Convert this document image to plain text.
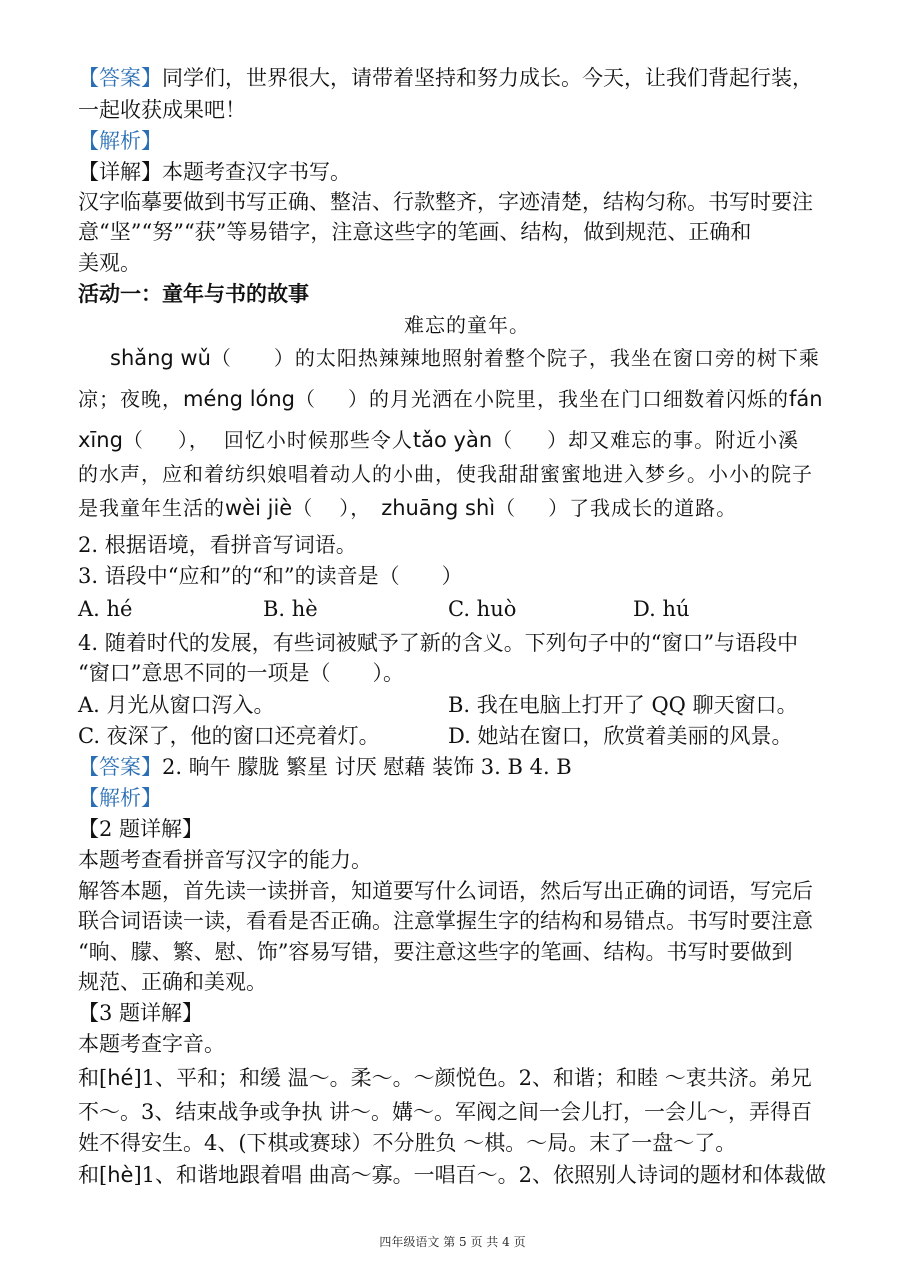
【答案】同学们，世界很大，请带着坚持和努力成长。今天，让我们背起行装，
一起收获成果吧！
【解析】
【详解】本题考查汉字书写。
汉字临摹要做到书写正确、整洁、行款整齐，字迹清楚，结构匀称。书写时要注
意“坚”“努”“获”等易错字，注意这些字的笔画、结构，做到规范、正确和
美观。
活动一：童年与书的故事
难忘的童年。
shǎng wǔ（ ）的太阳热辣辣地照射着整个院子，我坐在窗口旁的树下乘
凉；夜晚，méng lóng（ ）的月光洒在小院里，我坐在门口细数着闪烁的fán
xīng（ ）， 回忆小时候那些令人tǎo yàn（ ）却又难忘的事。附近小溪
的水声，应和着纺织娘唱着动人的小曲，使我甜甜蜜蜜地进入梦乡。小小的院子
是我童年生活的wèi jiè（ ）， zhuāng shì（ ）了我成长的道路。
2. 根据语境，看拼音写词语。
3. 语段中“应和”的“和”的读音是（　　）
A. hé	B. hè	C. huò	D. hú
4. 随着时代的发展，有些词被赋予了新的含义。下列句子中的“窗口”与语段中
“窗口”意思不同的一项是（　　）。
A. 月光从窗口泻入。	B. 我在电脑上打开了 QQ 聊天窗口。
C. 夜深了，他的窗口还亮着灯。	D. 她站在窗口，欣赏着美丽的风景。
【答案】2. 晌午 朦胧 繁星 讨厌 慰藉 装饰 3. B 4. B
【解析】
【2 题详解】
本题考查看拼音写汉字的能力。
解答本题，首先读一读拼音，知道要写什么词语，然后写出正确的词语，写完后
联合词语读一读，看看是否正确。注意掌握生字的结构和易错点。书写时要注意
“晌、朦、繁、慰、饰”容易写错，要注意这些字的笔画、结构。书写时要做到
规范、正确和美观。
【3 题详解】
本题考查字音。
和[hé]1、平和；和缓 温～。柔～。～颜悦色。2、和谐；和睦 ～衷共济。弟兄
不～。3、结束战争或争执 讲～。媾～。军阀之间一会儿打，一会儿～，弄得百
姓不得安生。4、(下棋或赛球）不分胜负 ～棋。～局。末了一盘～了。
和[hè]1、和谐地跟着唱 曲高～寡。一唱百～。2、依照别人诗词的题材和体裁做
四年级语文 第 5 页 共 4 页
